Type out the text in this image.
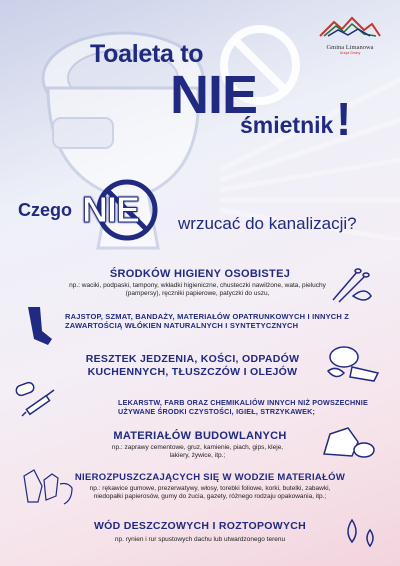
Gmina Limanowa
Urząd Gminy
Toaleta to
NIE
śmietnik !
Czego NIE wrzucać do kanalizacji?
ŚRODKÓW HIGIENY OSOBISTEJ
np.: waciki, podpaski, tampony, wkładki higieniczne, chusteczki nawilżone, wata, pieluchy (pampersy), ręczniki papierowe, patyczki do uszu,
RAJSTOP, SZMAT, BANDAŻY, MATERIAŁÓW OPATRUNKOWYCH I INNYCH Z ZAWARTOŚCIĄ WŁÓKIEN NATURALNYCH I SYNTETYCZNYCH
RESZTEK JEDZENIA, KOŚCI, ODPADÓW KUCHENNYCH, TŁUSZCZÓW I OLEJÓW
LEKARSTW, FARB ORAZ CHEMIKALIÓW INNYCH NIŻ POWSZECHNIE UŻYWANE ŚRODKI CZYSTOŚCI, IGIEŁ, STRZYKAWEK;
MATERIAŁÓW BUDOWLANYCH
np.: zaprawy cementowe, gruz, kamienie, piach, gips, kleje, lakiery, żywice, itp.;
NIEROZPUSZCZAJĄCYCH SIĘ W WODZIE MATERIAŁÓW
np.: rękawice gumowe, prezerwatywy, włosy, torebki foliowe, korki, butelki, zabawki, niedopałki papierosów, gumy do żucia, gazety, różnego rodzaju opakowania, itp.;
WÓD DESZCZOWYCH I ROZTOPOWYCH
np. rynien i rur spustowych dachu lub utwardzonego terenu
